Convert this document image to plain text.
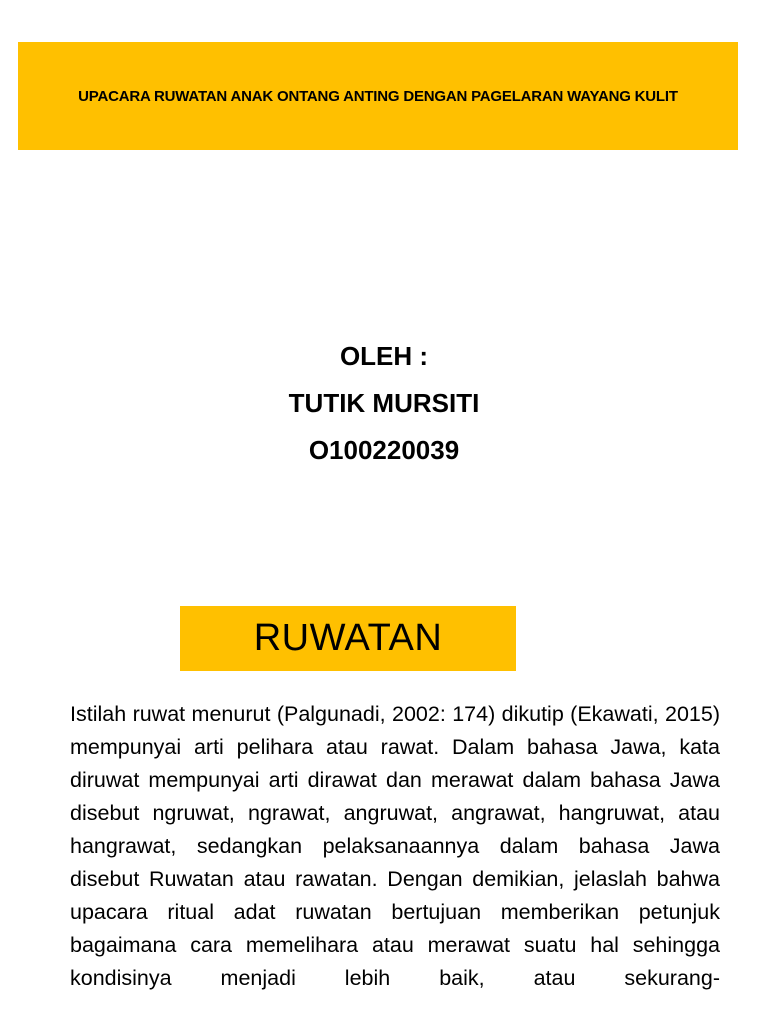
UPACARA RUWATAN ANAK ONTANG ANTING DENGAN PAGELARAN WAYANG KULIT
OLEH :
TUTIK MURSITI
O100220039
RUWATAN

Istilah ruwat menurut (Palgunadi, 2002: 174) dikutip (Ekawati, 2015) mempunyai arti pelihara atau rawat. Dalam bahasa Jawa, kata diruwat mempunyai arti dirawat dan merawat dalam bahasa Jawa disebut ngruwat, ngrawat, angruwat, angrawat, hangruwat, atau hangrawat, sedangkan pelaksanaannya dalam bahasa Jawa disebut Ruwatan atau rawatan. Dengan demikian, jelaslah bahwa upacara ritual adat ruwatan bertujuan memberikan petunjuk bagaimana cara memelihara atau merawat suatu hal sehingga kondisinya menjadi lebih baik, atau sekurang-
